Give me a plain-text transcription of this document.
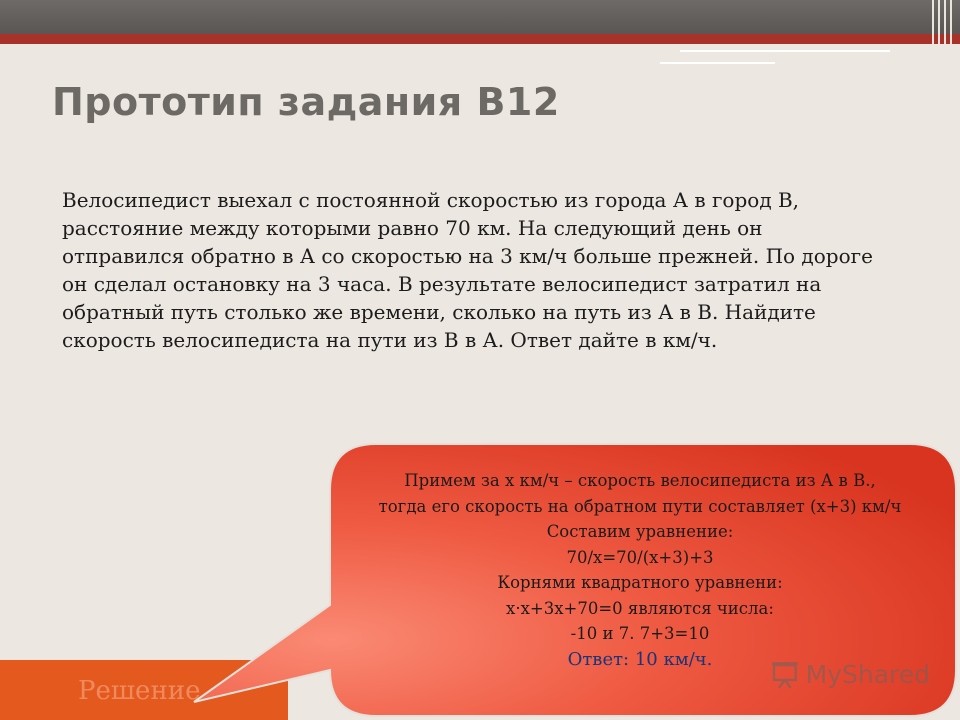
Прототип задания B12
Велосипедист выехал с постоянной скоростью из города А в город В,
расстояние между которыми равно 70 км. На следующий день он
отправился обратно в А со скоростью на 3 км/ч больше прежней. По дороге
он сделал остановку на 3 часа. В результате велосипедист затратил на
обратный путь столько же времени, сколько на путь из А в В. Найдите
скорость велосипедиста на пути из В в А. Ответ дайте в км/ч.
Решение
Примем за x км/ч – скорость велосипедиста из А в В.,
тогда его скорость на обратном пути составляет (x+3) км/ч
Составим уравнение:
70/x=70/(x+3)+3
Корнями квадратного уравнени:
x·x+3x+70=0 являются числа:
-10 и 7. 7+3=10
Ответ: 10 км/ч.
MyShared
